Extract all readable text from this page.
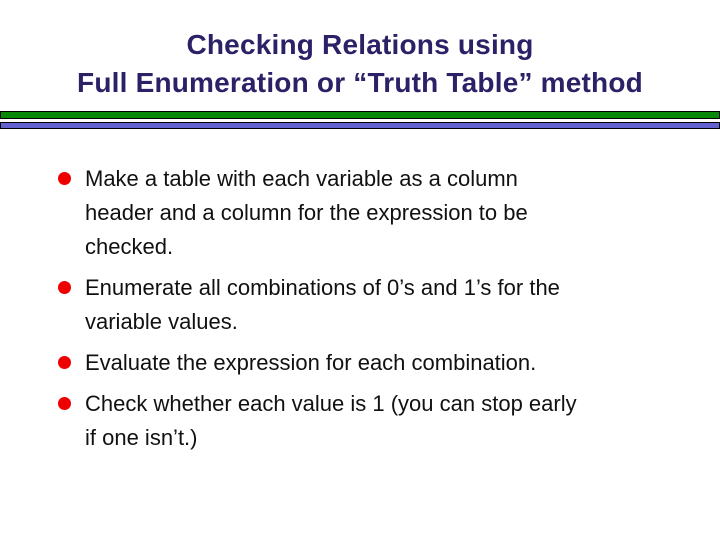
Checking Relations using
Full Enumeration or “Truth Table” method
Make a table with each variable as a column
header and a column for the expression to be
checked.
Enumerate all combinations of 0’s and 1’s for the
variable values.
Evaluate the expression for each combination.
Check whether each value is 1 (you can stop early
if one isn’t.)
